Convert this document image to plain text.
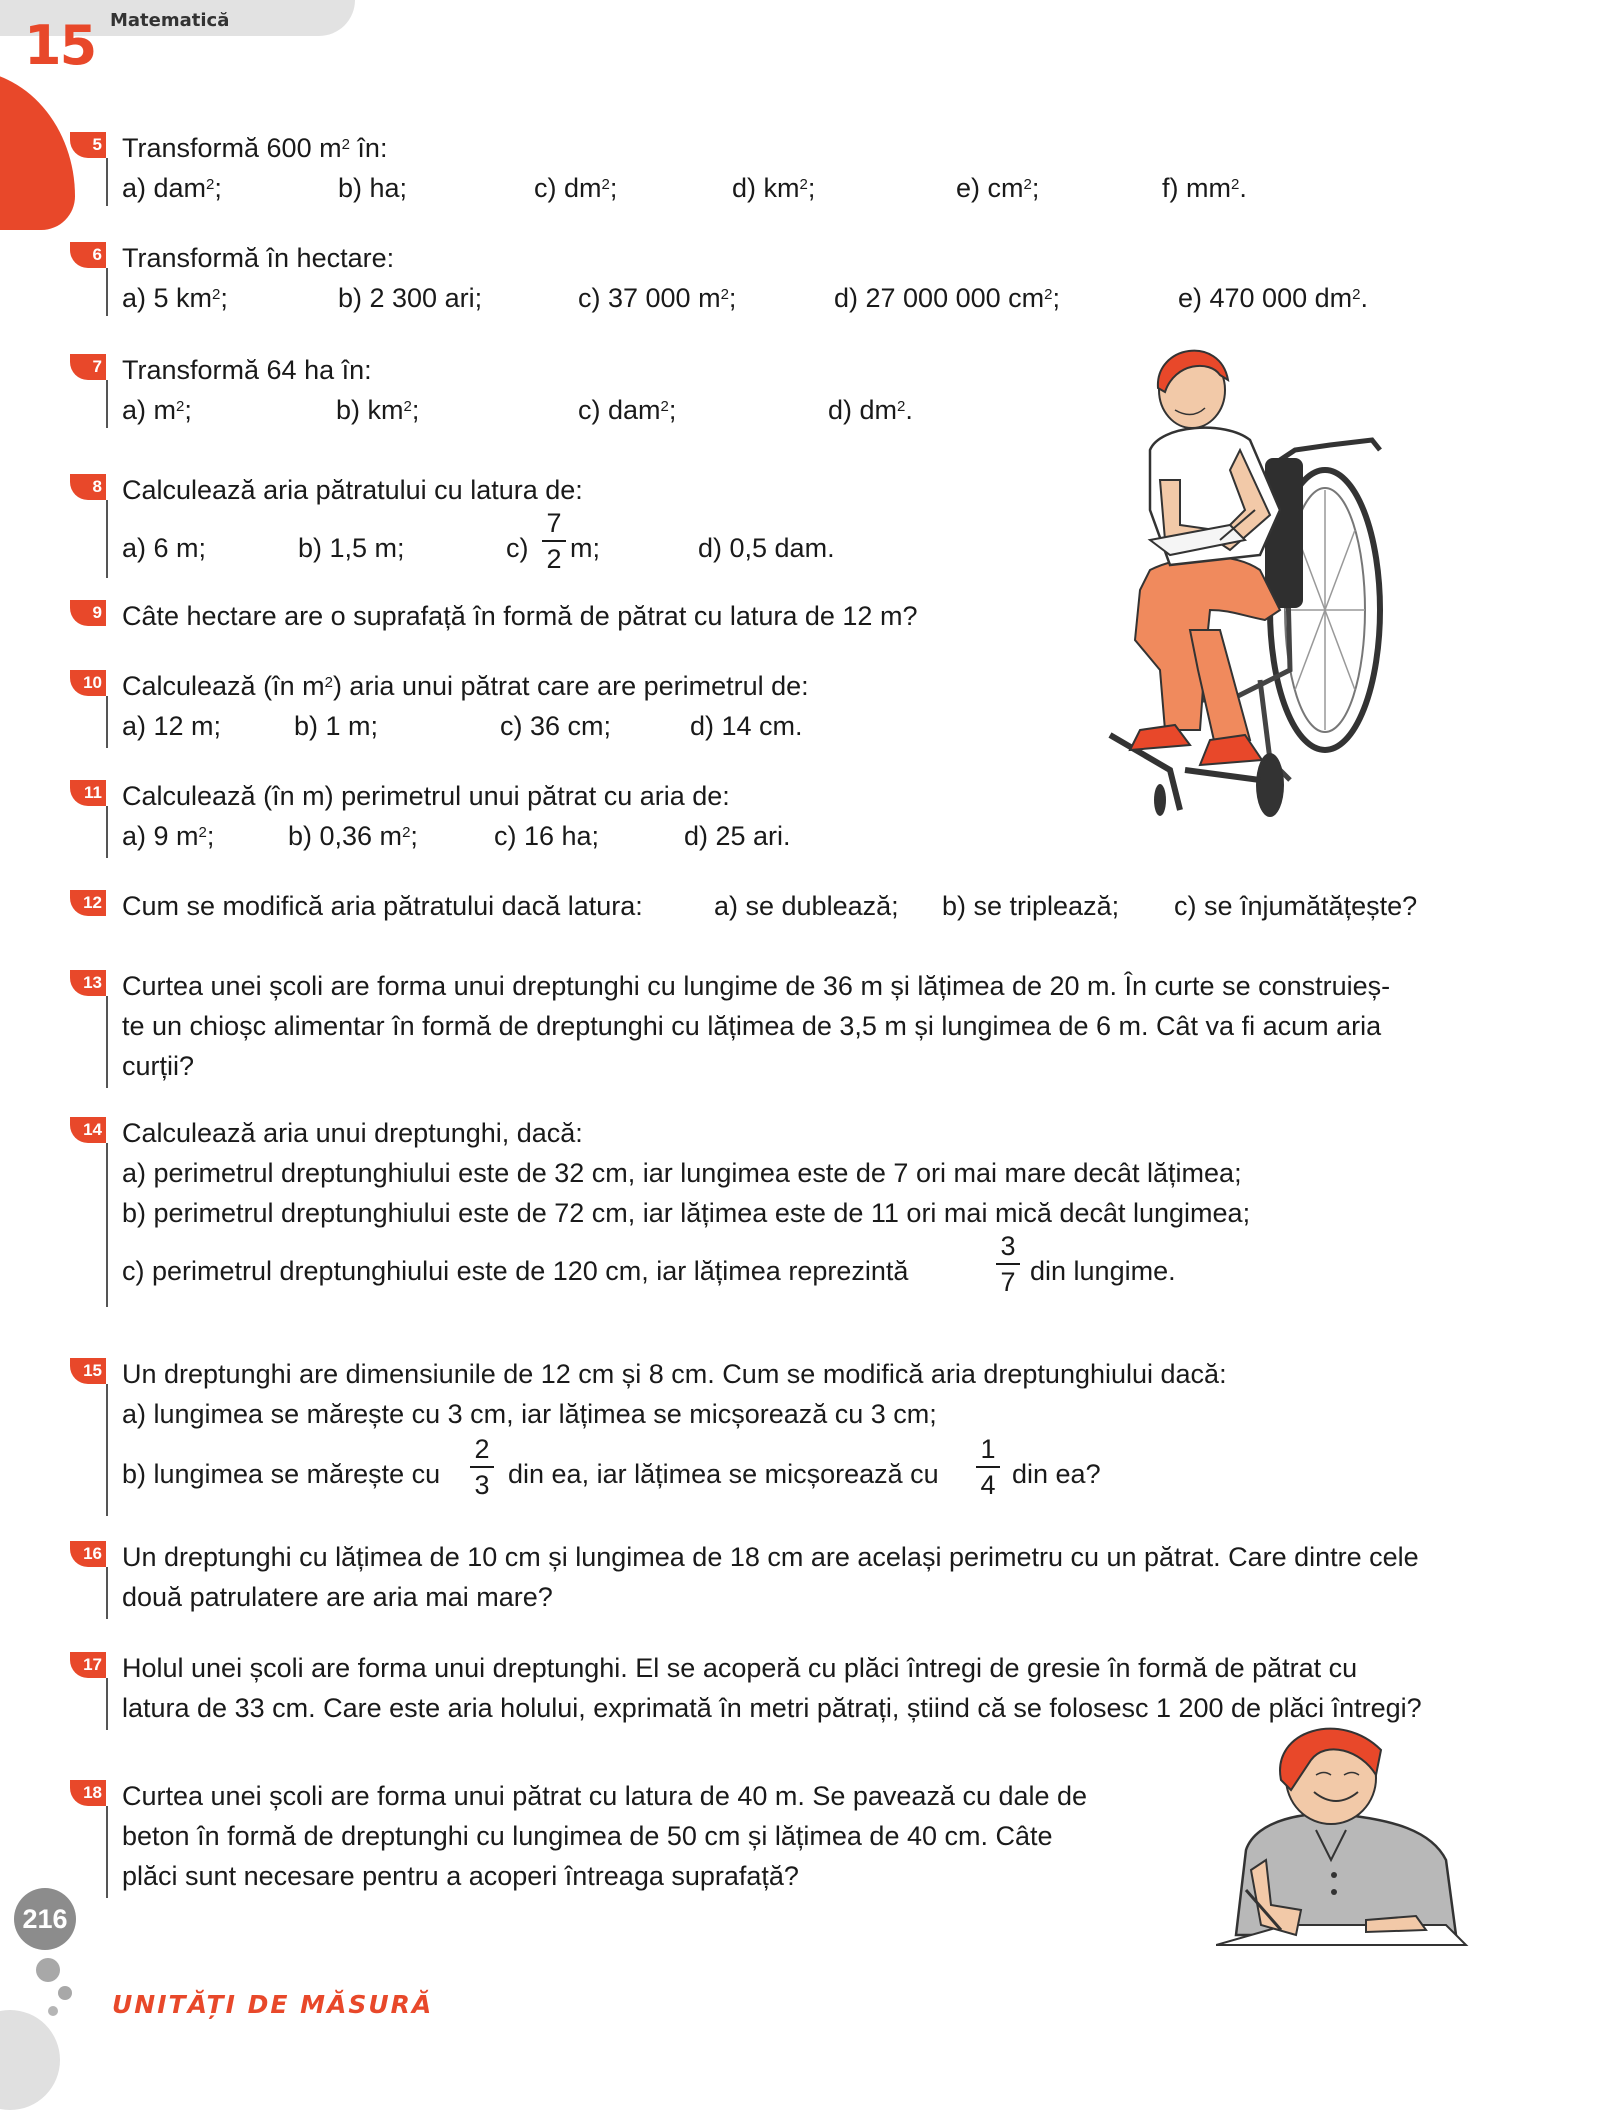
15 Matematică
5 Transformă 600 $m^2$ în:
a) dam$^2$;	b) ha;	c) $dm^2$;	d) $km^2$;	e) $cm^2$;	f) $mm^2$.
6 Transformă în hectare:
a) 5 $km^2$;	b) 2 300 ari;	c) 37 000 $m^2$;	d) 27 000 000 $cm^2$;	e) 470 000 $dm^2$.
7 Transformă 64 ha în:
a) $m^2$;	b) $km^2$;	c) dam$^2$;	d) $dm^2$.
8 Calculează aria pătratului cu latura de:
a) 6 m;	b) 1,5 m;	c)
7
2 m;	d) 0,5 dam.
9 Câte hectare are o suprafață în formă de pătrat cu latura de 12 m?
10 Calculează (în $m^2$) aria unui pătrat care are perimetrul de:
a) 12 m;	b) 1 m;	c) 36 cm;	d) 14 cm.
11 Calculează (în m) perimetrul unui pătrat cu aria de:
a) 9 $m^2$;	b) 0,36 $m^2$;	c) 16 ha;	d) 25 ari.
12 Cum se modifică aria pătratului dacă latura:	a) se dublează; b) se triplează; c) se înjumătățește?
13 Curtea unei școli are forma unui dreptunghi cu lungime de 36 m și lățimea de 20 m. În curte se construieș-
te un chioșc alimentar în formă de dreptunghi cu lățimea de 3,5 m și lungimea de 6 m. Cât va fi acum aria
curții?
14 Calculează aria unui dreptunghi, dacă:
a) perimetrul dreptunghiului este de 32 cm, iar lungimea este de 7 ori mai mare decât lățimea;
b) perimetrul dreptunghiului este de 72 cm, iar lățimea este de 11 ori mai mică decât lungimea;
c) perimetrul dreptunghiului este de 120 cm, iar lățimea reprezintă
3
7 din lungime.
15 Un dreptunghi are dimensiunile de 12 cm și 8 cm. Cum se modifică aria dreptunghiului dacă:
a) lungimea se mărește cu 3 cm, iar lățimea se micșorează cu 3 cm;
b) lungimea se mărește cu
2
3 din ea, iar lățimea se micșorează cu
1
4 din ea?
16 Un dreptunghi cu lățimea de 10 cm și lungimea de 18 cm are același perimetru cu un pătrat. Care dintre cele
două patrulatere are aria mai mare?
17 Holul unei școli are forma unui dreptunghi. El se acoperă cu plăci întregi de gresie în formă de pătrat cu
latura de 33 cm. Care este aria holului, exprimată în metri pătrați, știind că se folosesc 1 200 de plăci întregi?
18 Curtea unei școli are forma unui pătrat cu latura de 40 m. Se pavează cu dale de
beton în formă de dreptunghi cu lungimea de 50 cm și lățimea de 40 cm. Câte
plăci sunt necesare pentru a acoperi întreaga suprafață?
216
UNITĂȚI DE MĂSURĂ
